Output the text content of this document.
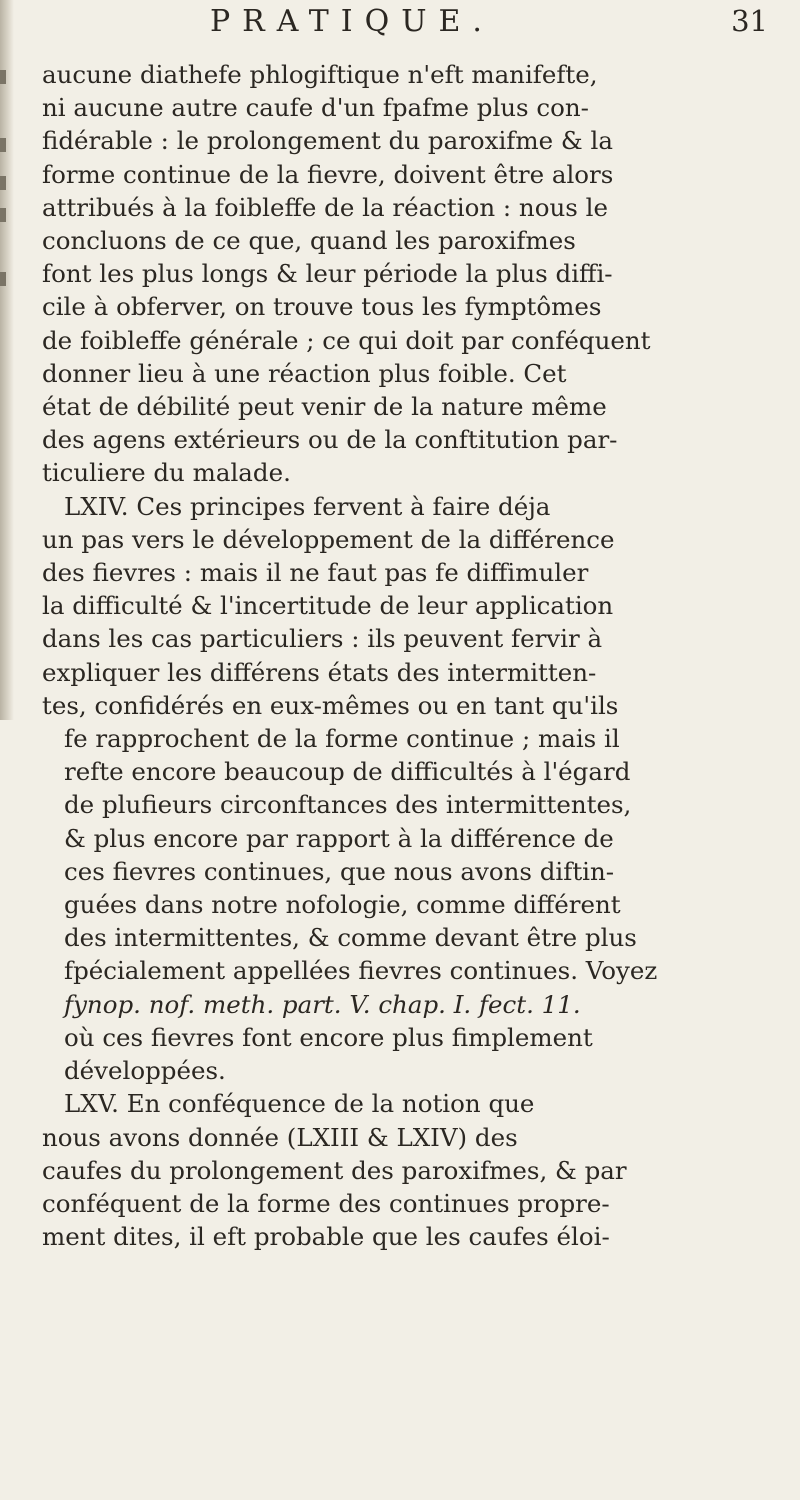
PRATIQUE.	31

aucune diathefe phlogiftique n'eft manifefte,
ni aucune autre caufe d'un fpafme plus con-
fidérable : le prolongement du paroxifme & la
forme continue de la fievre, doivent être alors
attribués à la foibleffe de la réaction : nous le
concluons de ce que, quand les paroxifmes
font les plus longs & leur période la plus diffi-
cile à obferver, on trouve tous les fymptômes
de foibleffe générale ; ce qui doit par conféquent
donner lieu à une réaction plus foible. Cet
état de débilité peut venir de la nature même
des agens extérieurs ou de la conftitution par-
ticuliere du malade.

LXIV. Ces principes fervent à faire déja
un pas vers le développement de la différence
des fievres : mais il ne faut pas fe diffimuler
la difficulté & l'incertitude de leur application
dans les cas particuliers : ils peuvent fervir à
expliquer les différens états des intermitten-
tes, confidérés en eux-mêmes ou en tant qu'ils
fe rapprochent de la forme continue ; mais il
refte encore beaucoup de difficultés à l'égard
de plufieurs circonftances des intermittentes,
& plus encore par rapport à la différence de
ces fievres continues, que nous avons diftin-
guées dans notre nofologie, comme différent
des intermittentes, & comme devant être plus
fpécialement appellées fievres continues. Voyez
fynop. nof. meth. part. V. chap. I. fect. 11.
où ces fievres font encore plus fimplement
développées.

LXV. En conféquence de la notion que
nous avons donnée (LXIII & LXIV) des
caufes du prolongement des paroxifmes, & par
conféquent de la forme des continues propre-
ment dites, il eft probable que les caufes éloi-
